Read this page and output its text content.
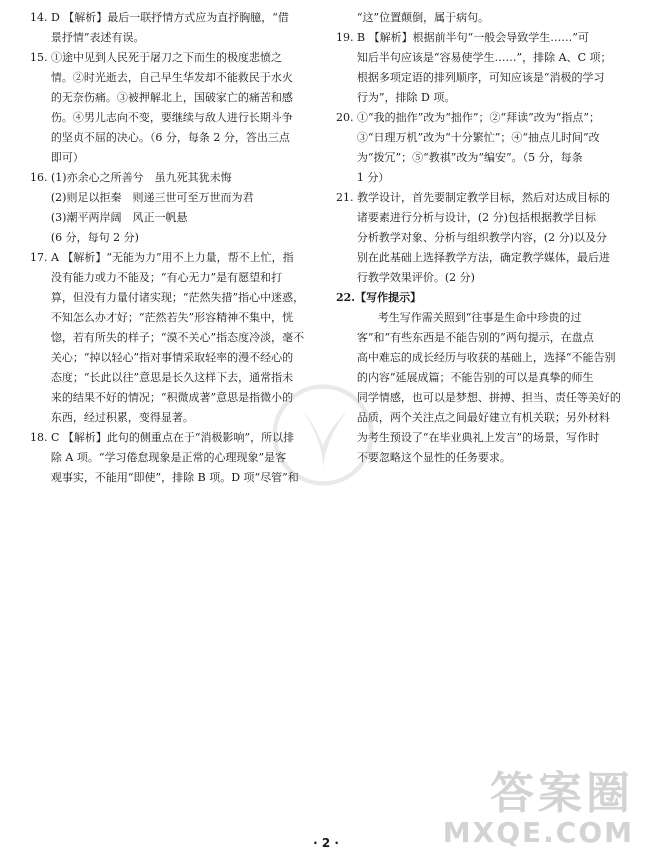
14. D 【解析】最后一联抒情方式应为直抒胸臆，“借

景抒情”表述有误。

15. ①途中见到人民死于屠刀之下而生的极度悲愤之

情。②时光逝去，自己早生华发却不能救民于水火

的无奈伤痛。③被押解北上，国破家亡的痛苦和感

伤。④男儿志向不变，要继续与敌人进行长期斗争

的坚贞不屈的决心。（6 分，每条 2 分，答出三点

即可）

16. (1)亦余心之所善兮　虽九死其犹未悔

(2)则足以拒秦　则递三世可至万世而为君

(3)潮平两岸阔　风正一帆悬

(6 分，每句 2 分)

17. A 【解析】“无能为力”用不上力量，帮不上忙，指

没有能力或力不能及；“有心无力”是有愿望和打

算，但没有力量付诸实现；“茫然失措”指心中迷惑，

不知怎么办才好；“茫然若失”形容精神不集中，恍

惚，若有所失的样子；“漠不关心”指态度冷淡，毫不

关心；“掉以轻心”指对事情采取轻率的漫不经心的

态度；“长此以往”意思是长久这样下去，通常指未

来的结果不好的情况；“积微成著”意思是指微小的

东西，经过积累，变得显著。

18. C 【解析】此句的侧重点在于“消极影响”，所以排

除 A 项。“学习倦怠现象是正常的心理现象”是客

观事实，不能用“即使”，排除 B 项。D 项“尽管”和

“这”位置颠倒，属于病句。

19. B 【解析】根据前半句“一般会导致学生……”可

知后半句应该是“容易使学生……”，排除 A、C 项；

根据多项定语的排列顺序，可知应该是“消极的学习

行为”，排除 D 项。

20. ①“我的拙作”改为“拙作”；②“拜读”改为“指点”；

③“日理万机”改为“十分繁忙”；④“抽点儿时间”改

为“拨冗”；⑤“教祺”改为“编安”。（5 分，每条

1 分）

21. 教学设计，首先要制定教学目标，然后对达成目标的

诸要素进行分析与设计，(2 分)包括根据教学目标

分析教学对象、分析与组织教学内容，(2 分)以及分

别在此基础上选择教学方法，确定教学媒体，最后进

行教学效果评价。(2 分)

22.【写作提示】

考生写作需关照到“往事是生命中珍贵的过

客”和“有些东西是不能告别的”两句提示，在盘点

高中难忘的成长经历与收获的基础上，选择“不能告别

的内容”延展成篇；不能告别的可以是真挚的师生

同学情感，也可以是梦想、拼搏、担当、责任等美好的

品质，两个关注点之间最好建立有机关联；另外材料

为考生预设了“在毕业典礼上发言”的场景，写作时

不要忽略这个显性的任务要求。

答案圈
MXQE.COM
· 2 ·
